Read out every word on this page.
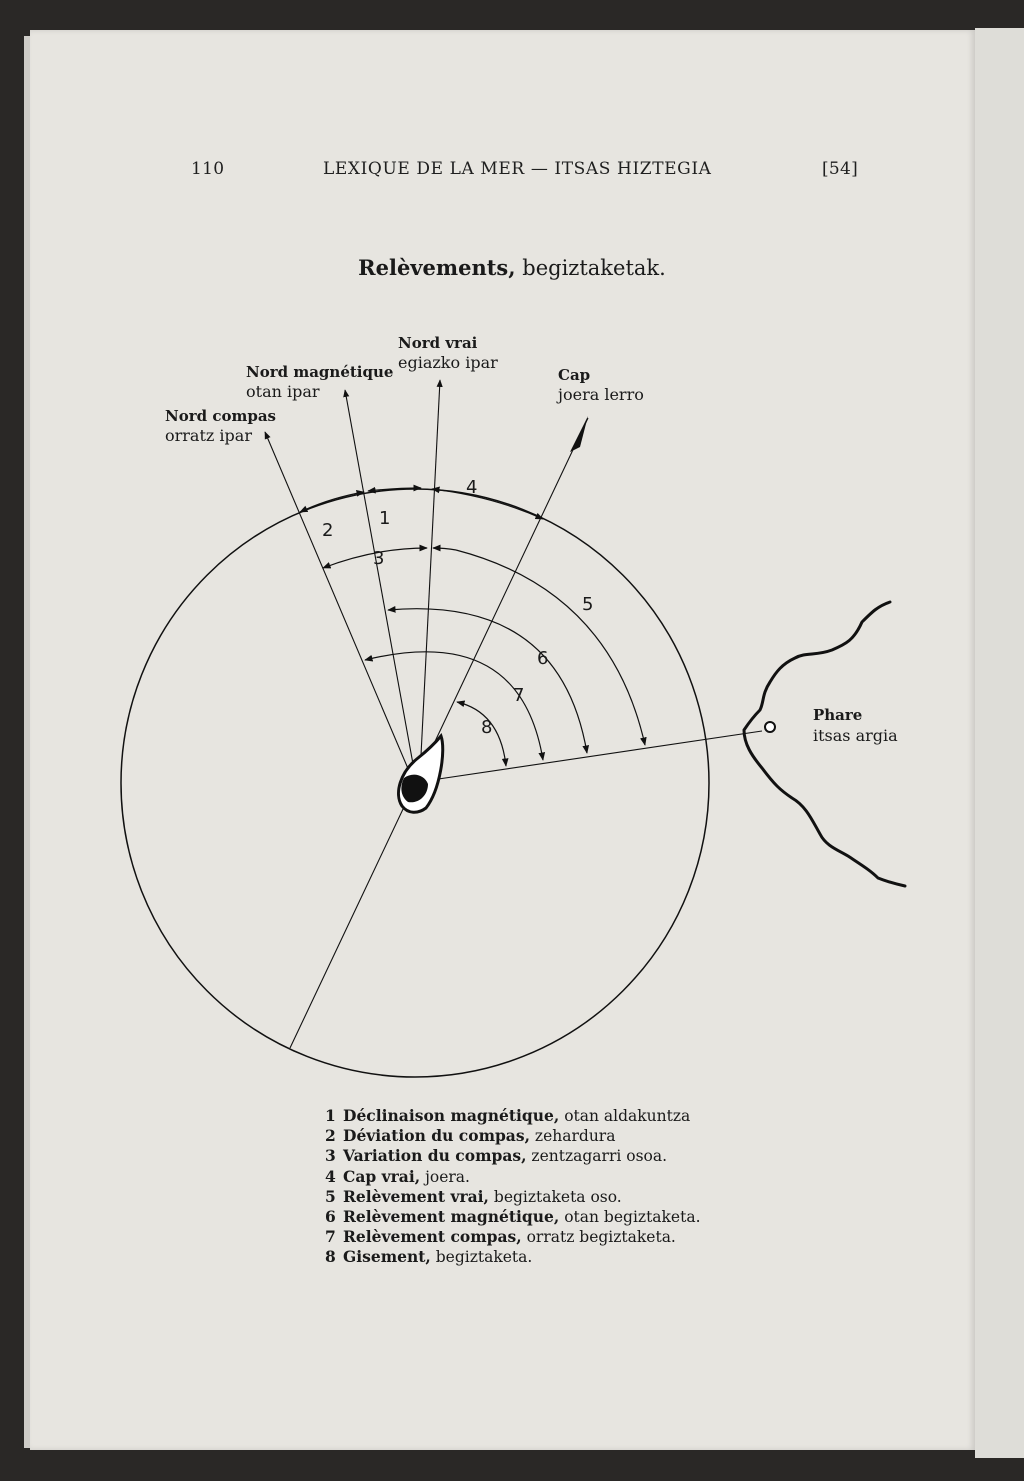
110	LEXIQUE DE LA MER — ITSAS HIZTEGIA	[54]
Relèvements, begiztaketak.
1
2
3
4
5
6
7
8
Nord vrai
egiazko ipar
Nord magnétique
otan ipar
Nord compas
orratz ipar
Cap
joera lerro
Phare
itsas argia
1 Déclinaison magnétique, otan aldakuntza
2 Déviation du compas, zehardura
3 Variation du compas, zentzagarri osoa.
4 Cap vrai, joera.
5 Relèvement vrai, begiztaketa oso.
6 Relèvement magnétique, otan begiztaketa.
7 Relèvement compas, orratz begiztaketa.
8 Gisement, begiztaketa.
